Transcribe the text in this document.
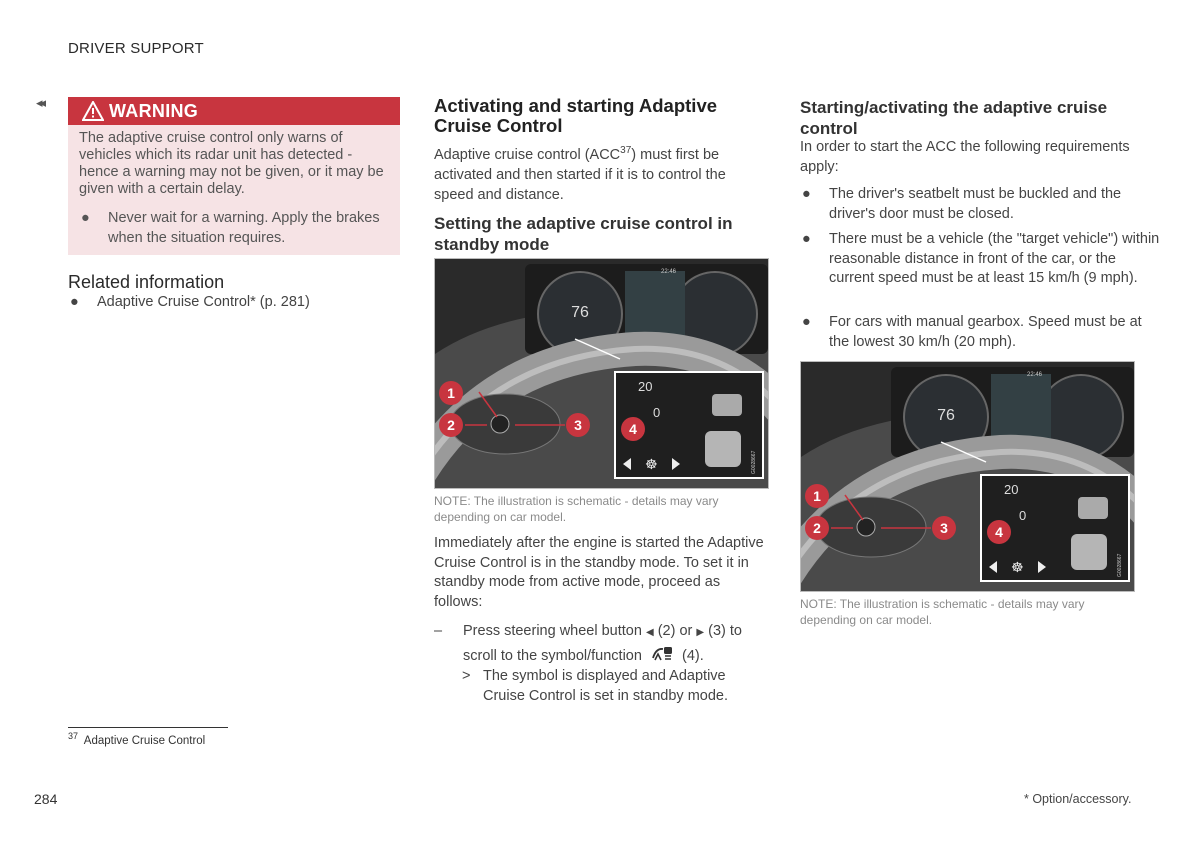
DRIVER SUPPORT
◂◂	WARNING
The adaptive cruise control only warns of vehicles which its radar unit has detected - hence a warning may not be given, or it may be given with a certain delay.
● Never wait for a warning. Apply the brakes when the situation requires.
Related information
● Adaptive Cruise Control* (p. 281)
Activating and starting Adaptive Cruise Control
Adaptive cruise control (ACC$^{37}$) must first be activated and then started if it is to control the speed and distance.
Setting the adaptive cruise control in standby mode
76
22:46
20
0
☸
1
2	3	4
G0028667
NOTE: The illustration is schematic - details may vary depending on car model.
Immediately after the engine is started the Adaptive Cruise Control is in the standby mode. To set it in standby mode from active mode, proceed as follows:
–	Press steering wheel button ◀ (2) or ▶ (3) to scroll to the symbol/function	(4).
> The symbol is displayed and Adaptive Cruise Control is set in standby mode.
Starting/activating the adaptive cruise control
In order to start the ACC the following requirements apply:
● The driver's seatbelt must be buckled and the driver's door must be closed.
● There must be a vehicle (the "target vehicle") within reasonable distance in front of the car, or the current speed must be at least 15 km/h (9 mph).
● For cars with manual gearbox. Speed must be at the lowest 30 km/h (20 mph).
76
22:46
20
0
☸
1
2	3	4
G0028667
NOTE: The illustration is schematic - details may vary depending on car model.
$^{37}$ Adaptive Cruise Control
284	* Option/accessory.
